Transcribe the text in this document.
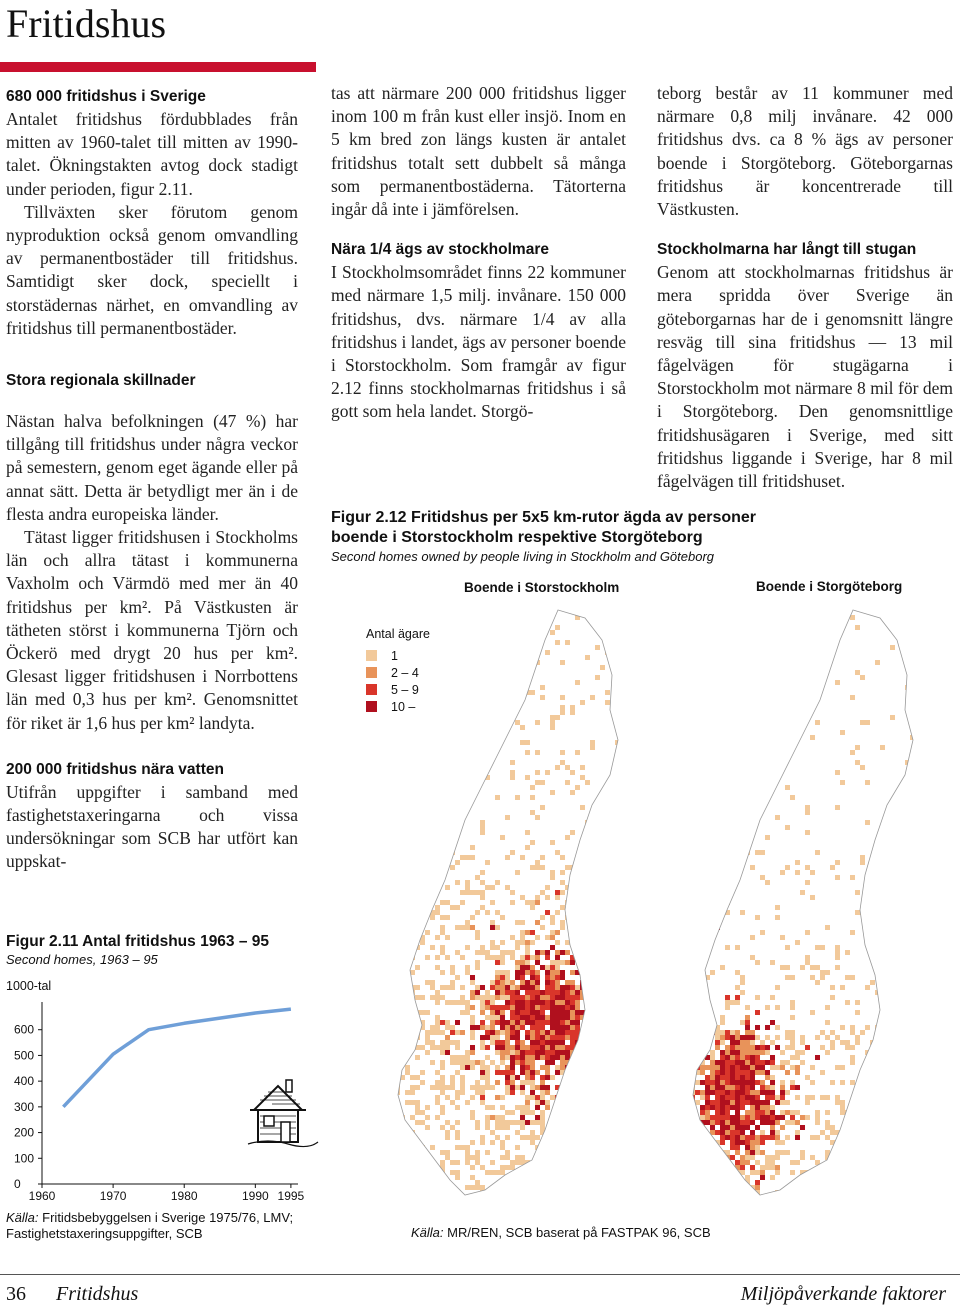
Fritidshus

680 000 fritidshus i Sverige

Antalet fritidshus fördubblades från mitten av 1960-talet till mitten av 1990-talet. Ökningstakten avtog dock stadigt under perioden, figur 2.11.

Tillväxten sker förutom genom nyproduktion också genom omvandling av permanentbostäder till fritidshus. Samtidigt sker dock, speciellt i storstädernas närhet, en omvandling av fritidshus till permanentbostäder.

Stora regionala skillnader

Nästan halva befolkningen (47 %) har tillgång till fritidshus under några veckor på semestern, genom eget ägande eller på annat sätt. Detta är betydligt mer än i de flesta andra europeiska länder.

Tätast ligger fritidshusen i Stockholms län och allra tätast i kommunerna Vaxholm och Värmdö med mer än 40 fritidshus per km². På Västkusten är tätheten störst i kommunerna Tjörn och Öckerö med drygt 20 hus per km². Glesast ligger fritidshusen i Norrbottens län med 0,3 hus per km². Genomsnittet för riket är 1,6 hus per km² landyta.

200 000 fritidshus nära vatten

Utifrån uppgifter i samband med fastighetstaxeringarna och vissa undersökningar som SCB har utfört kan uppskat-

tas att närmare 200 000 fritidshus ligger inom 100 m från kust eller insjö. Inom en 5 km bred zon längs kusten är antalet fritidshus totalt sett dubbelt så många som permanentbostäderna. Tätorterna ingår då inte i jämförelsen.

Nära 1/4 ägs av stockholmare

I Stockholmsområdet finns 22 kommuner med närmare 1,5 milj. invånare. 150 000 fritidshus, dvs. närmare 1/4 av alla fritidshus i landet, ägs av personer boende i Storstockholm. Som framgår av figur 2.12 finns stockholmarnas fritidshus i så gott som hela landet. Storgö-

teborg består av 11 kommuner med närmare 0,8 milj invånare. 42 000 fritidshus dvs. ca 8 % ägs av personer boende i Storgöteborg. Göteborgarnas fritidshus är koncentrerade till Västkusten.

Stockholmarna har långt till stugan

Genom att stockholmarnas fritidshus är mera spridda över Sverige än göteborgarnas har de i genomsnitt längre resväg till sina fritidshus — 13 mil fågelvägen för stugägarna i Storstockholm mot närmare 8 mil för dem i Storgöteborg. Den genomsnittlige fritidshusägaren i Sverige, med sitt fritidshus liggande i Sverige, har 8 mil fågelvägen till fritidshuset.

Figur 2.12 Fritidshus per 5x5 km-rutor ägda av personer
boende i Storstockholm respektive Storgöteborg
Second homes owned by people living in Stockholm and Göteborg
Boende i Storstockholm	Boende i Storgöteborg
Antal ägare
1
2 – 4
5 – 9
10 –
Källa: MR/REN, SCB baserat på FASTPAK 96, SCB
Figur 2.11 Antal fritidshus 1963 – 95
Second homes, 1963 – 95
1000-tal
0
100
200
300
400
500
600
1960	1970	1980	1990 1995
Källa: Fritidsbebyggelsen i Sverige 1975/76, LMV;
Fastighetstaxeringsuppgifter, SCB
36 Fritidshus	Miljöpåverkande faktorer
